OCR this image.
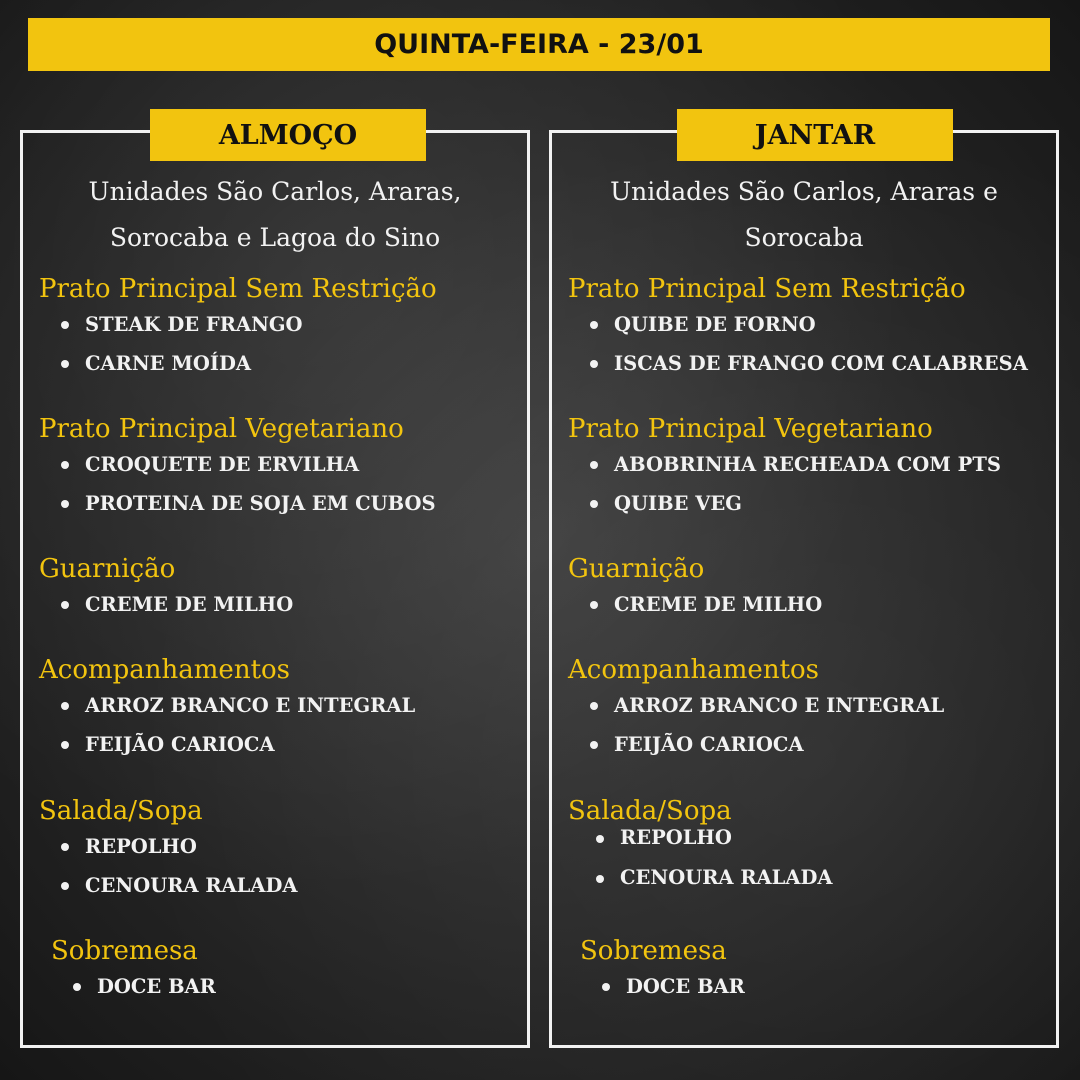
QUINTA-FEIRA - 23/01
ALMOÇO
Unidades São Carlos, Araras,
Sorocaba e Lagoa do Sino
Prato Principal Sem Restrição
STEAK DE FRANGO
CARNE MOÍDA
Prato Principal Vegetariano
CROQUETE DE ERVILHA
PROTEINA DE SOJA EM CUBOS
Guarnição
CREME DE MILHO
Acompanhamentos
ARROZ BRANCO E INTEGRAL
FEIJÃO CARIOCA
Salada/Sopa
REPOLHO
CENOURA RALADA
Sobremesa
DOCE BAR
JANTAR
Unidades São Carlos, Araras e
Sorocaba
Prato Principal Sem Restrição
QUIBE DE FORNO
ISCAS DE FRANGO COM CALABRESA
Prato Principal Vegetariano
ABOBRINHA RECHEADA COM PTS
QUIBE VEG
Guarnição
CREME DE MILHO
Acompanhamentos
ARROZ BRANCO E INTEGRAL
FEIJÃO CARIOCA
Salada/Sopa
REPOLHO
CENOURA RALADA
Sobremesa
DOCE BAR
